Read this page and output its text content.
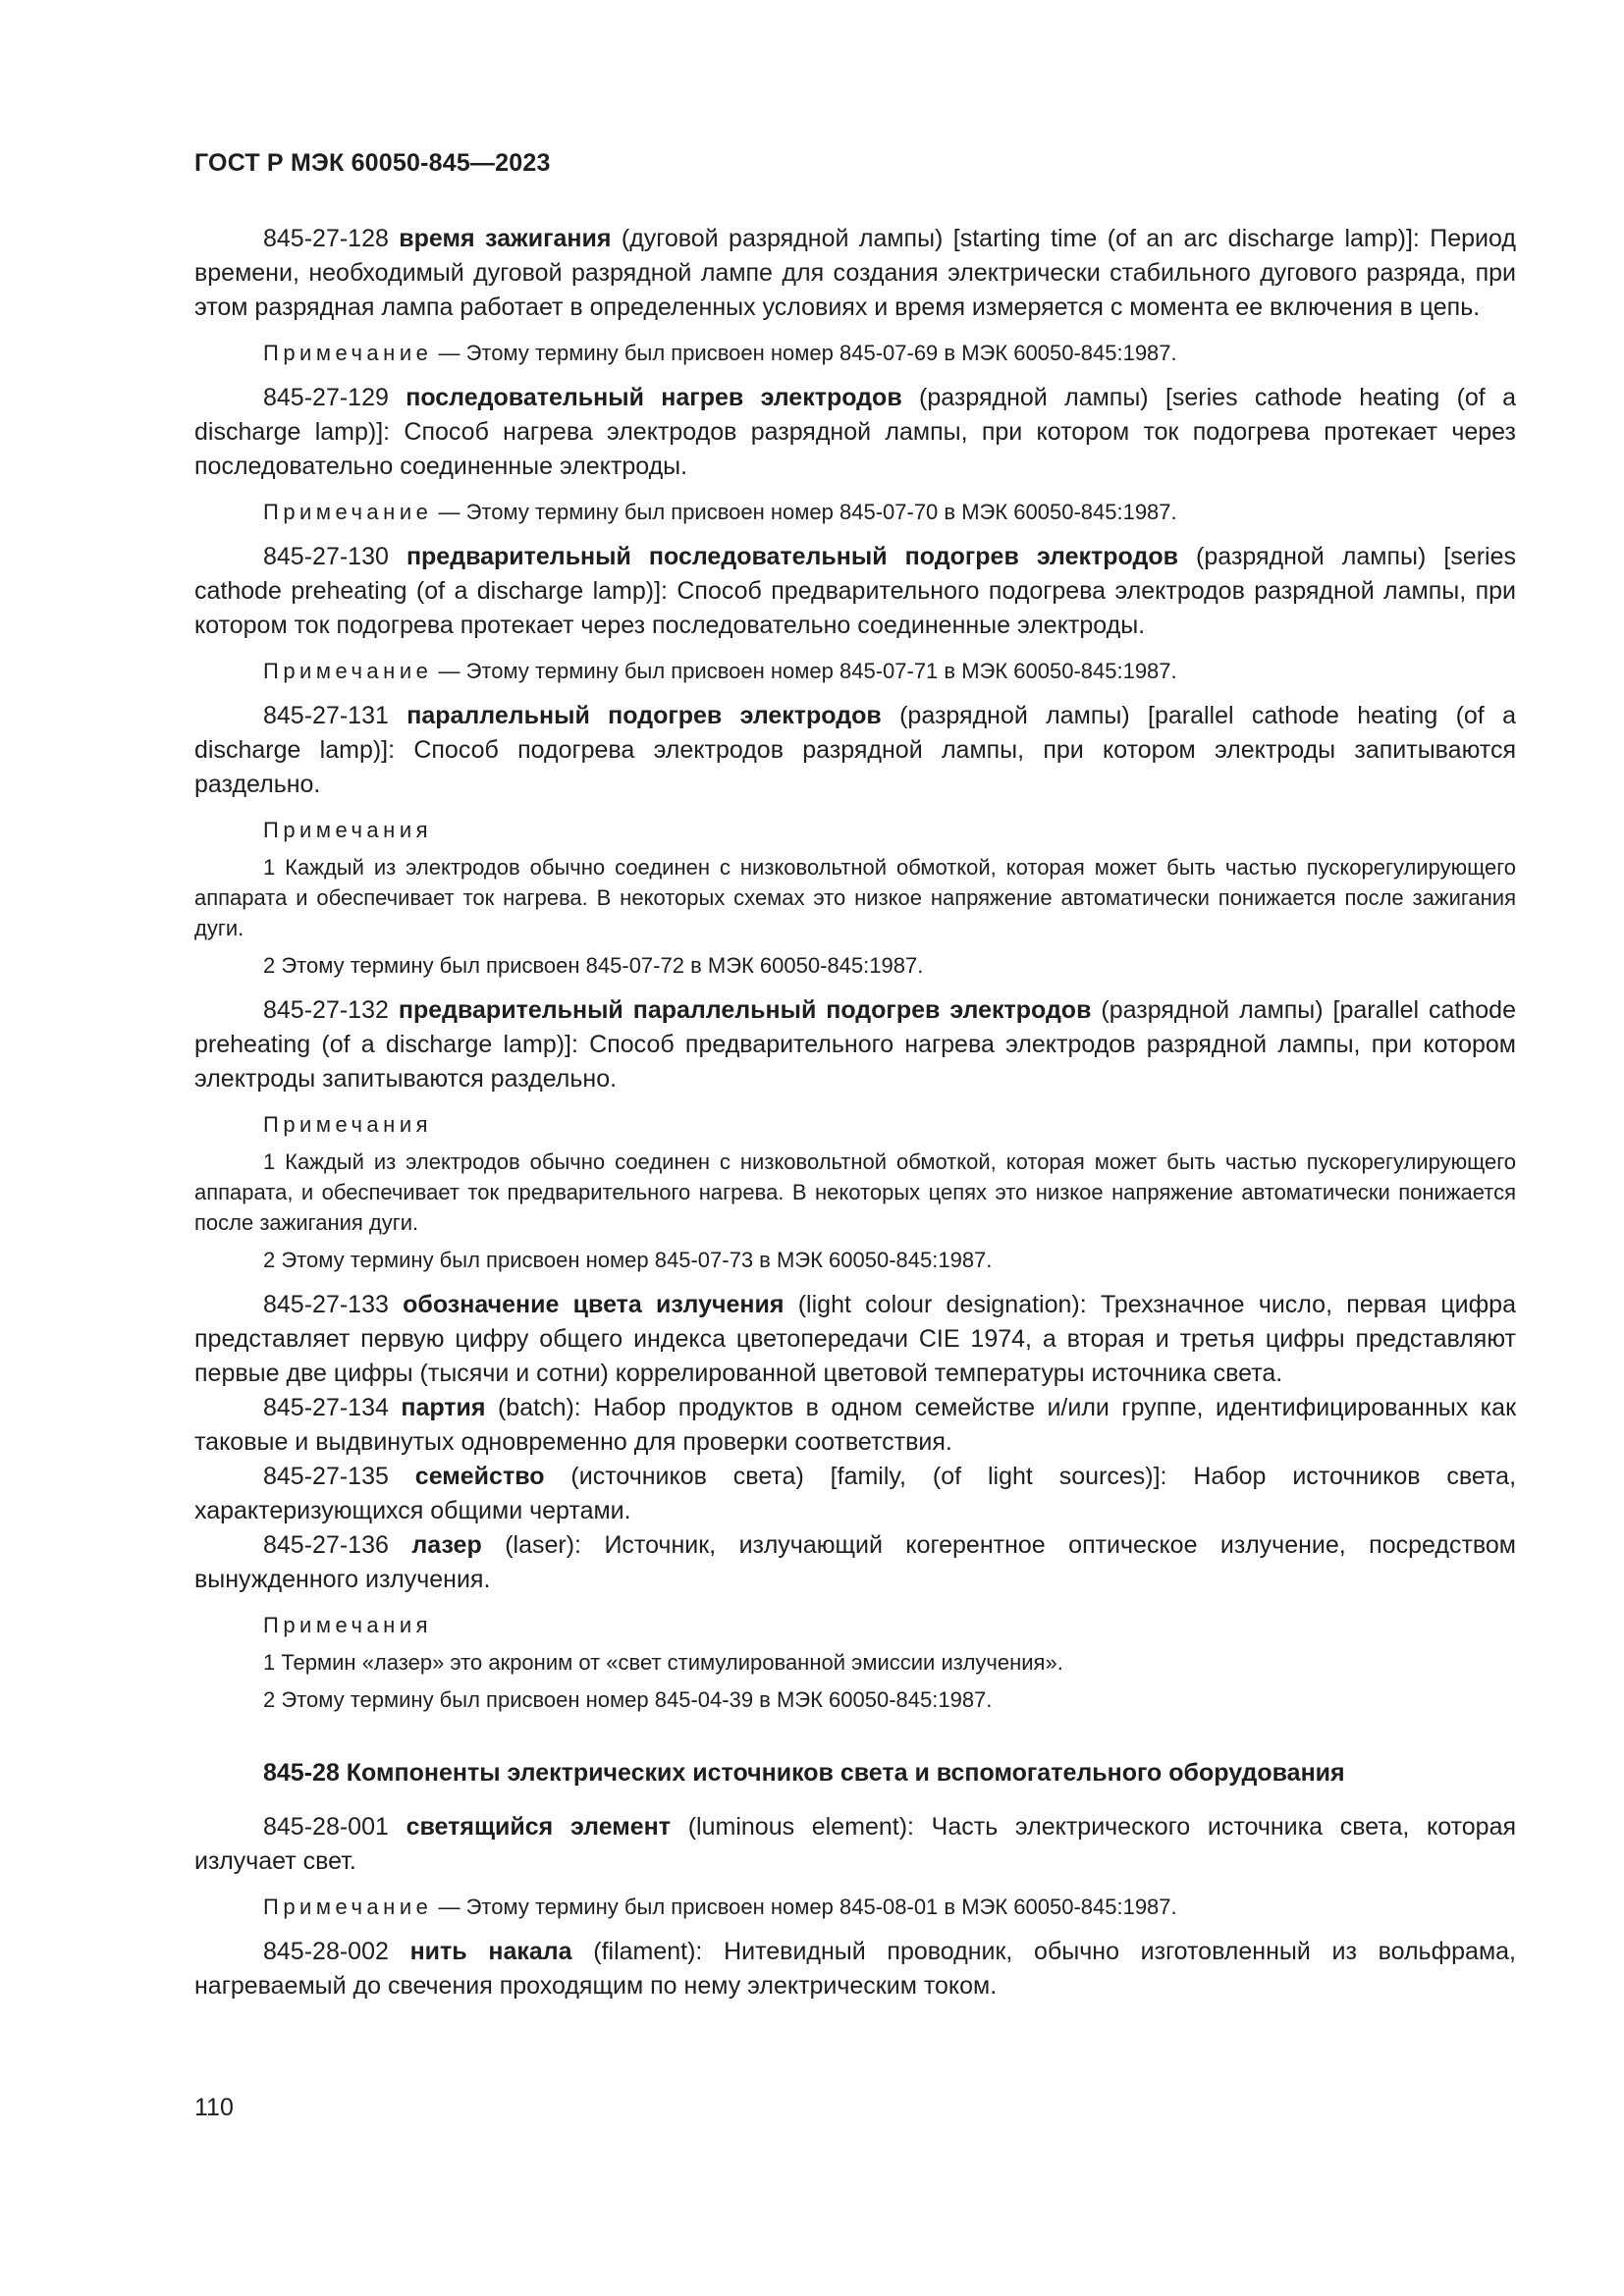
ГОСТ Р МЭК 60050-845—2023

845-27-128 время зажигания (дуговой разрядной лампы) [starting time (of an arc discharge lamp)]: Период времени, необходимый дуговой разрядной лампе для создания электрически стабильного дугового разряда, при этом разрядная лампа работает в определенных условиях и время измеряется с момента ее включения в цепь.

Примечание — Этому термину был присвоен номер 845-07-69 в МЭК 60050-845:1987.

845-27-129 последовательный нагрев электродов (разрядной лампы) [series cathode heating (of a discharge lamp)]: Способ нагрева электродов разрядной лампы, при котором ток подогрева протекает через последовательно соединенные электроды.

Примечание — Этому термину был присвоен номер 845-07-70 в МЭК 60050-845:1987.

845-27-130 предварительный последовательный подогрев электродов (разрядной лампы) [series cathode preheating (of a discharge lamp)]: Способ предварительного подогрева электродов разрядной лампы, при котором ток подогрева протекает через последовательно соединенные электроды.

Примечание — Этому термину был присвоен номер 845-07-71 в МЭК 60050-845:1987.

845-27-131 параллельный подогрев электродов (разрядной лампы) [parallel cathode heating (of a discharge lamp)]: Способ подогрева электродов разрядной лампы, при котором электроды запитываются раздельно.

Примечания

1 Каждый из электродов обычно соединен с низковольтной обмоткой, которая может быть частью пускорегулирующего аппарата и обеспечивает ток нагрева. В некоторых схемах это низкое напряжение автоматически понижается после зажигания дуги.

2 Этому термину был присвоен 845-07-72 в МЭК 60050-845:1987.

845-27-132 предварительный параллельный подогрев электродов (разрядной лампы) [parallel cathode preheating (of a discharge lamp)]: Способ предварительного нагрева электродов разрядной лампы, при котором электроды запитываются раздельно.

Примечания

1 Каждый из электродов обычно соединен с низковольтной обмоткой, которая может быть частью пускорегулирующего аппарата, и обеспечивает ток предварительного нагрева. В некоторых цепях это низкое напряжение автоматически понижается после зажигания дуги.

2 Этому термину был присвоен номер 845-07-73 в МЭК 60050-845:1987.

845-27-133 обозначение цвета излучения (light colour designation): Трехзначное число, первая цифра представляет первую цифру общего индекса цветопередачи CIE 1974, а вторая и третья цифры представляют первые две цифры (тысячи и сотни) коррелированной цветовой температуры источника света.

845-27-134 партия (batch): Набор продуктов в одном семействе и/или группе, идентифицированных как таковые и выдвинутых одновременно для проверки соответствия.

845-27-135 семейство (источников света) [family, (of light sources)]: Набор источников света, характеризующихся общими чертами.

845-27-136 лазер (laser): Источник, излучающий когерентное оптическое излучение, посредством вынужденного излучения.

Примечания

1 Термин «лазер» это акроним от «свет стимулированной эмиссии излучения».

2 Этому термину был присвоен номер 845-04-39 в МЭК 60050-845:1987.

845-28 Компоненты электрических источников света и вспомогательного оборудования

845-28-001 светящийся элемент (luminous element): Часть электрического источника света, которая излучает свет.

Примечание — Этому термину был присвоен номер 845-08-01 в МЭК 60050-845:1987.

845-28-002 нить накала (filament): Нитевидный проводник, обычно изготовленный из вольфрама, нагреваемый до свечения проходящим по нему электрическим током.

110
